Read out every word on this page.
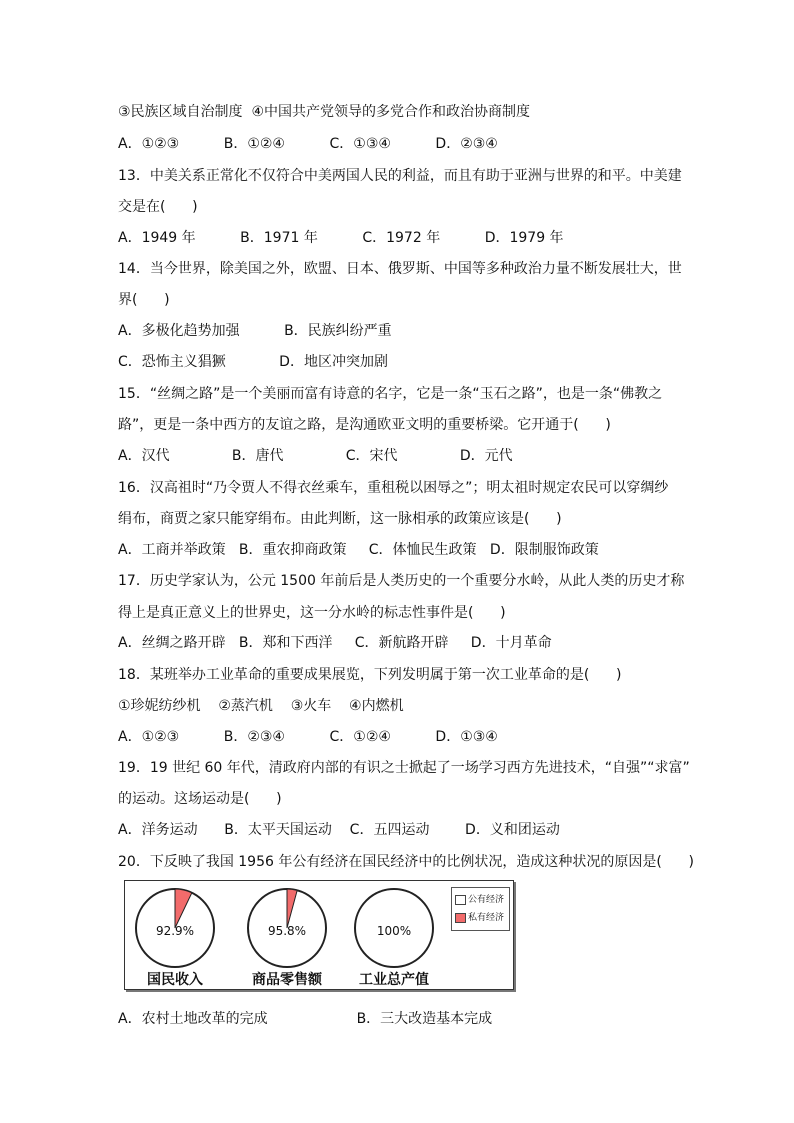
③民族区域自治制度  ④中国共产党领导的多党合作和政治协商制度
A．①②③          B．①②④          C．①③④          D．②③④
13．中美关系正常化不仅符合中美两国人民的利益，而且有助于亚洲与世界的和平。中美建
交是在(      )
A．1949 年          B．1971 年          C．1972 年          D．1979 年
14．当今世界，除美国之外，欧盟、日本、俄罗斯、中国等多种政治力量不断发展壮大，世
界(      )
A．多极化趋势加强          B．民族纠纷严重
C．恐怖主义猖獗            D．地区冲突加剧
15．“丝绸之路”是一个美丽而富有诗意的名字，它是一条“玉石之路”，也是一条“佛教之
路”，更是一条中西方的友谊之路，是沟通欧亚文明的重要桥梁。它开通于(      )
A．汉代              B．唐代              C．宋代              D．元代
16．汉高祖时“乃令贾人不得衣丝乘车，重租税以困辱之”；明太祖时规定农民可以穿绸纱
绢布，商贾之家只能穿绢布。由此判断，这一脉相承的政策应该是(      )
A．工商并举政策   B．重农抑商政策     C．体恤民生政策   D．限制服饰政策
17．历史学家认为，公元 1500 年前后是人类历史的一个重要分水岭，从此人类的历史才称
得上是真正意义上的世界史，这一分水岭的标志性事件是(      )
A．丝绸之路开辟   B．郑和下西洋     C．新航路开辟     D．十月革命
18．某班举办工业革命的重要成果展览，下列发明属于第一次工业革命的是(      )
①珍妮纺纱机    ②蒸汽机    ③火车    ④内燃机
A．①②③          B．②③④          C．①②④          D．①③④
19．19 世纪 60 年代，清政府内部的有识之士掀起了一场学习西方先进技术，“自强”“求富”
的运动。这场运动是(      )
A．洋务运动      B．太平天国运动    C．五四运动        D．义和团运动
20．下反映了我国 1956 年公有经济在国民经济中的比例状况，造成这种状况的原因是(      )
92.9%
国民收入
95.8%
商品零售额
100%
工业总产值
公有经济
私有经济
A．农村土地改革的完成                    B．三大改造基本完成
